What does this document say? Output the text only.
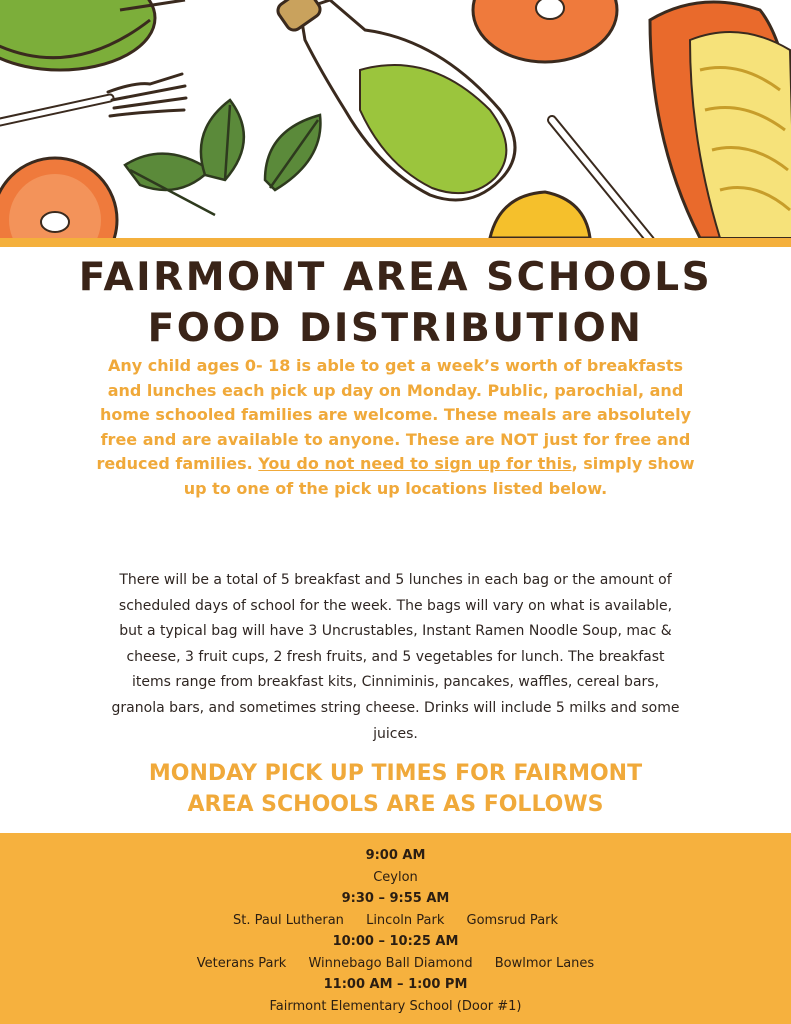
FAIRMONT AREA SCHOOLS
FOOD DISTRIBUTION
Any child ages 0- 18 is able to get a week’s worth of breakfasts and lunches each pick up day on Monday. Public, parochial, and home schooled families are welcome. These meals are absolutely free and are available to anyone. These are NOT just for free and reduced families. You do not need to sign up for this, simply show up to one of the pick up locations listed below.
There will be a total of 5 breakfast and 5 lunches in each bag or the amount of scheduled days of school for the week. The bags will vary on what is available, but a typical bag will have 3 Uncrustables, Instant Ramen Noodle Soup, mac & cheese, 3 fruit cups, 2 fresh fruits, and 5 vegetables for lunch. The breakfast items range from breakfast kits, Cinniminis, pancakes, waffles, cereal bars, granola bars, and sometimes string cheese. Drinks will include 5 milks and some juices.
MONDAY PICK UP TIMES FOR FAIRMONT
AREA SCHOOLS ARE AS FOLLOWS
9:00 AM
Ceylon
9:30 – 9:55 AM
St. Paul Lutheran Lincoln Park Gomsrud Park
10:00 – 10:25 AM
Veterans Park Winnebago Ball Diamond Bowlmor Lanes
11:00 AM – 1:00 PM
Fairmont Elementary School (Door #1)
